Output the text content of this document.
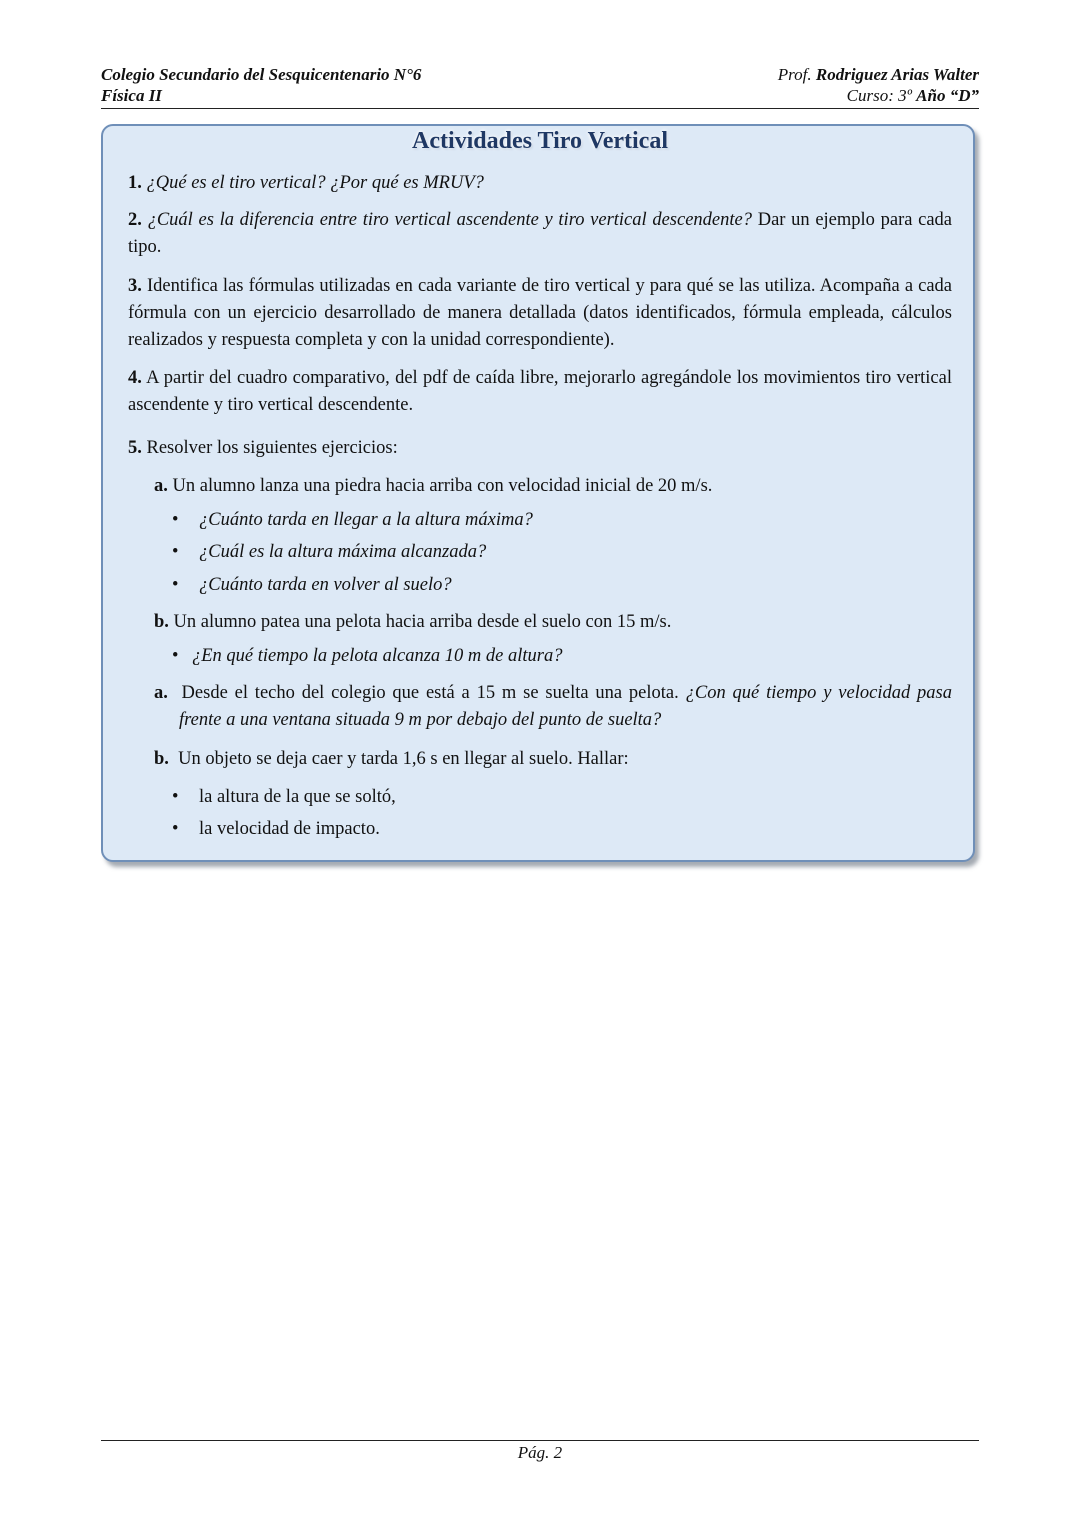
Colegio Secundario del Sesquicentenario N°6	Prof. Rodriguez Arias Walter
Física II	Curso: 3º Año “D”
Actividades Tiro Vertical
1. ¿Qué es el tiro vertical? ¿Por qué es MRUV?
2. ¿Cuál es la diferencia entre tiro vertical ascendente y tiro vertical descendente? Dar un ejemplo para cada tipo.
3. Identifica las fórmulas utilizadas en cada variante de tiro vertical y para qué se las utiliza. Acompaña a cada fórmula con un ejercicio desarrollado de manera detallada (datos identificados, fórmula empleada, cálculos realizados y respuesta completa y con la unidad correspondiente).
4. A partir del cuadro comparativo, del pdf de caída libre, mejorarlo agregándole los movimientos tiro vertical ascendente y tiro vertical descendente.
5. Resolver los siguientes ejercicios:
a. Un alumno lanza una piedra hacia arriba con velocidad inicial de 20 m/s.
• ¿Cuánto tarda en llegar a la altura máxima?
• ¿Cuál es la altura máxima alcanzada?
• ¿Cuánto tarda en volver al suelo?
b. Un alumno patea una pelota hacia arriba desde el suelo con 15 m/s.
• ¿En qué tiempo la pelota alcanza 10 m de altura?
a. Desde el techo del colegio que está a 15 m se suelta una pelota. ¿Con qué tiempo y velocidad pasa frente a una ventana situada 9 m por debajo del punto de suelta?
b. Un objeto se deja caer y tarda 1,6 s en llegar al suelo. Hallar:
• la altura de la que se soltó,
• la velocidad de impacto.
Pág. 2
